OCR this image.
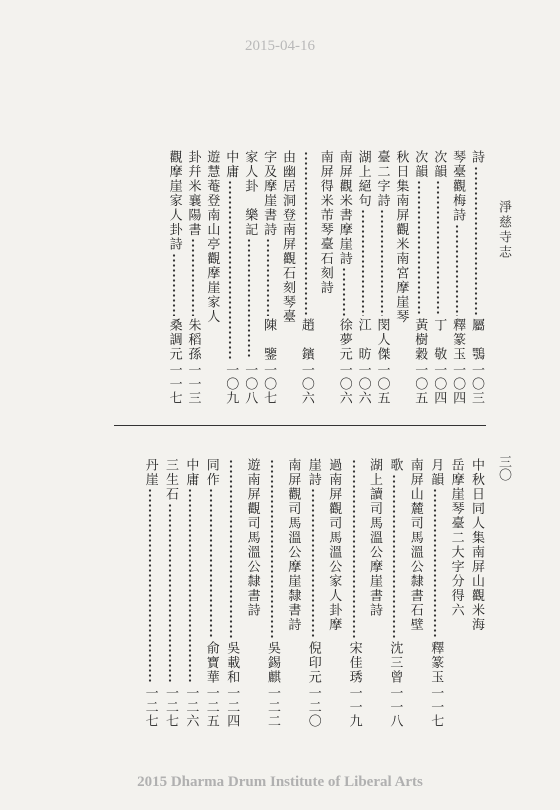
2015-04-16
淨慈寺志
三〇
詩
屬　鶚
一〇三
琴臺觀梅詩
釋篆玉
一〇四
次韻
丁　敬
一〇四
次韻
黃樹穀
一〇五
秋日集南屏觀米南宮摩崖琴
臺二字詩
閔人傑
一〇五
湖上絕句
江　昉
一〇六
南屏觀米書摩崖詩
徐夢元
一〇六
南屏得米芾琴臺石刻詩
趙　鑌
一〇六
由幽居洞登南屏觀石刻琴臺
字及摩崖書詩
陳　鑒
一〇七
家人卦　樂記
一〇八
中庸
一〇九
遊慧菴登南山亭觀摩崖家人
卦幷米襄陽書
朱稻孫
一一三
觀摩崖家人卦詩
桑調元
一一七
中秋日同人集南屏山觀米海
岳摩崖琴臺二大字分得六
月韻
釋篆玉
一一七
南屏山麓司馬溫公隸書石壁
歌
沈三曾
一一八
湖上讀司馬溫公摩崖書詩
宋佳琇
一一九
過南屏觀司馬溫公家人卦摩
崖詩
倪印元
一二〇
南屏觀司馬溫公摩崖隸書詩
吳錫麒
一二二
遊南屏觀司馬溫公隸書詩
吳載和
一二四
同作
俞寶華
一二五
中庸
一二六
三生石
一二七
丹崖
一二七
2015 Dharma Drum Institute of Liberal Arts
